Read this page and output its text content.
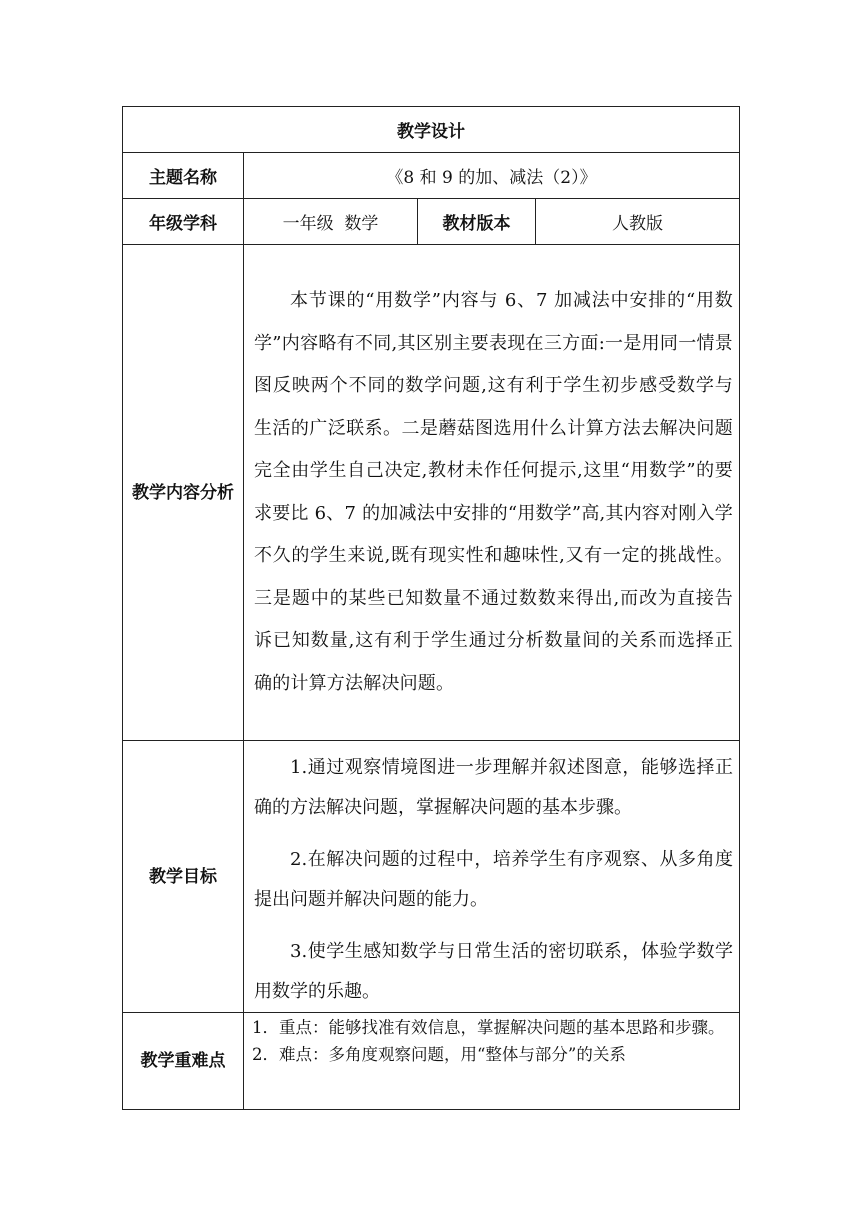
教学设计			
主题名称	《8 和 9 的加、减法（2）》		
年级学科	一年级  数学	教材版本	人教版

教学内容分析	本节课的“用数学”内容与 6、7 加减法中安排的“用数学”内容略有不同,其区别主要表现在三方面:一是用同一情景图反映两个不同的数学问题,这有利于学生初步感受数学与生活的广泛联系。二是蘑菇图选用什么计算方法去解决问题完全由学生自己决定,教材未作任何提示,这里“用数学”的要求要比 6、7 的加减法中安排的“用数学”高,其内容对刚入学不久的学生来说,既有现实性和趣味性,又有一定的挑战性。三是题中的某些已知数量不通过数数来得出,而改为直接告诉已知数量,这有利于学生通过分析数量间的关系而选择正确的计算方法解决问题。		

教学目标	1.通过观察情境图进一步理解并叙述图意，能够选择正确的方法解决问题，掌握解决问题的基本步骤。

2.在解决问题的过程中，培养学生有序观察、从多角度提出问题并解决问题的能力。

3.使学生感知数学与日常生活的密切联系，体验学数学用数学的乐趣。		

教学重难点	1．重点：能够找准有效信息，掌握解决问题的基本思路和步骤。

2．难点：多角度观察问题，用“整体与部分”的关系		
